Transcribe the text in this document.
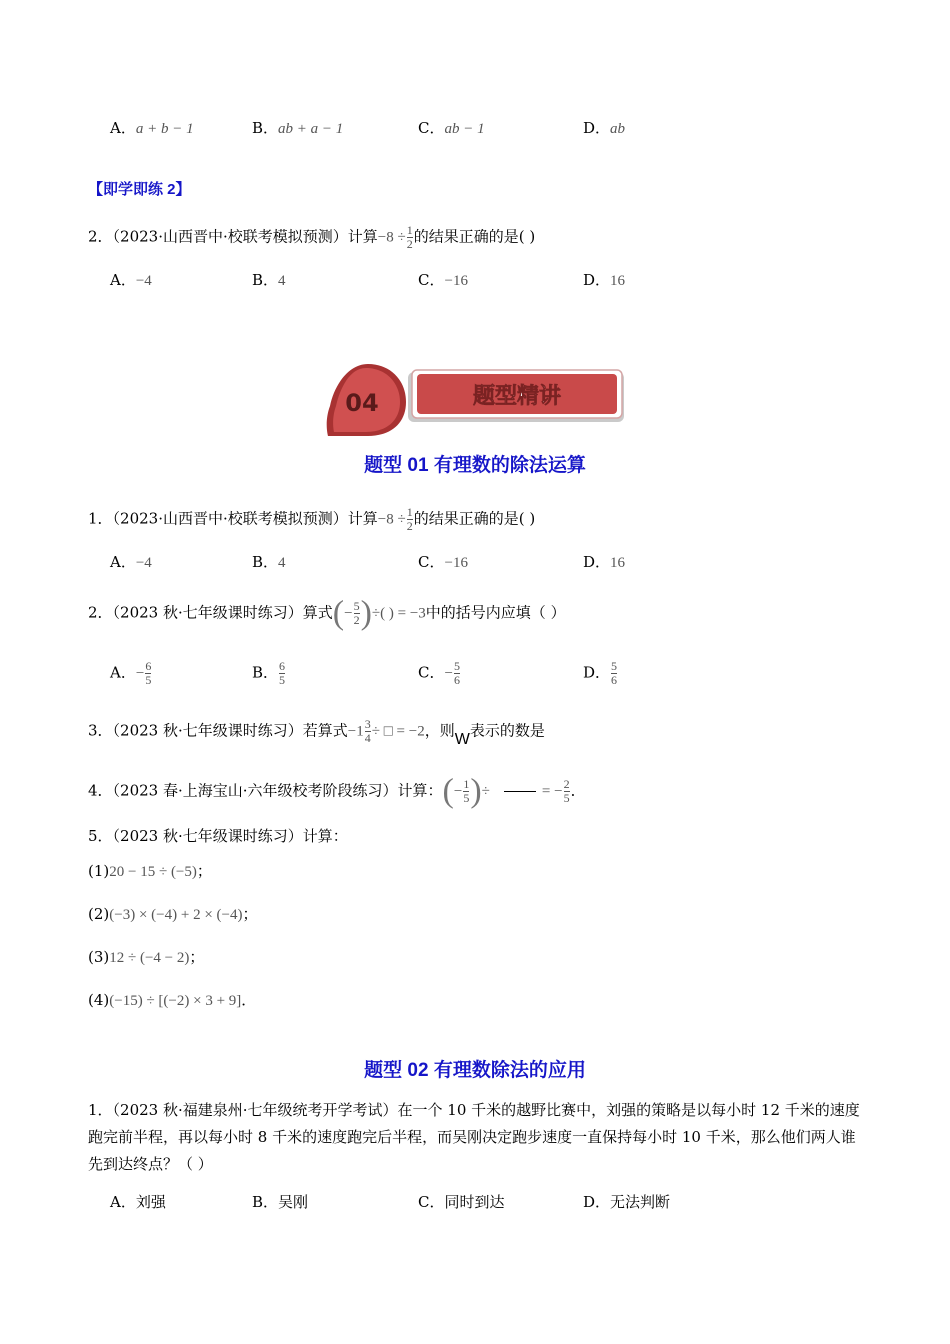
A．a + b − 1	B．ab + a − 1	C．ab − 1	D．ab
【即学即练 2】
2．（2023·山西晋中·校联考模拟预测）计算$-8 \div \frac{1}{2}$ 的结果正确的是( )
A．−4	B．4	C．−16	D．16
04	题型精讲
题型 01 有理数的除法运算
1．（2023·山西晋中·校联考模拟预测）计算$-8 \div \frac{1}{2}$ 的结果正确的是( )
A．−4	B．4	C．−16	D．16
2．（2023 秋·七年级课时练习）算式(− $\frac{5}{2}$ )÷( ) = −3中的括号内应填（ ）
A．− $\frac{6}{5}$	B． $\frac{6}{5}$	C．− $\frac{5}{6}$	D． $\frac{5}{6}$
3．（2023 秋·七年级课时练习）若算式$-1 \frac{3}{4}$ ÷ □ = −2，则W表示的数是
4．（2023 春·上海宝山·六年级校考阶段练习）计算：(− $\frac{1}{5}$ )÷	= − $\frac{2}{5}$ ．
5．（2023 秋·七年级课时练习）计算：
(1)20 − 15 ÷ (−5)；
(2)(−3) × (−4) + 2 × (−4)；
(3)12 ÷ (−4 − 2)；
(4)(−15) ÷ [(−2) × 3 + 9]．
题型 02 有理数除法的应用
1．（2023 秋·福建泉州·七年级统考开学考试）在一个 10 千米的越野比赛中，刘强的策略是以每小时 12 千米的速度跑完前半程，再以每小时 8 千米的速度跑完后半程，而吴刚决定跑步速度一直保持每小时 10 千米，那么他们两人谁先到达终点？（ ）
A．刘强	B．吴刚	C．同时到达	D．无法判断
